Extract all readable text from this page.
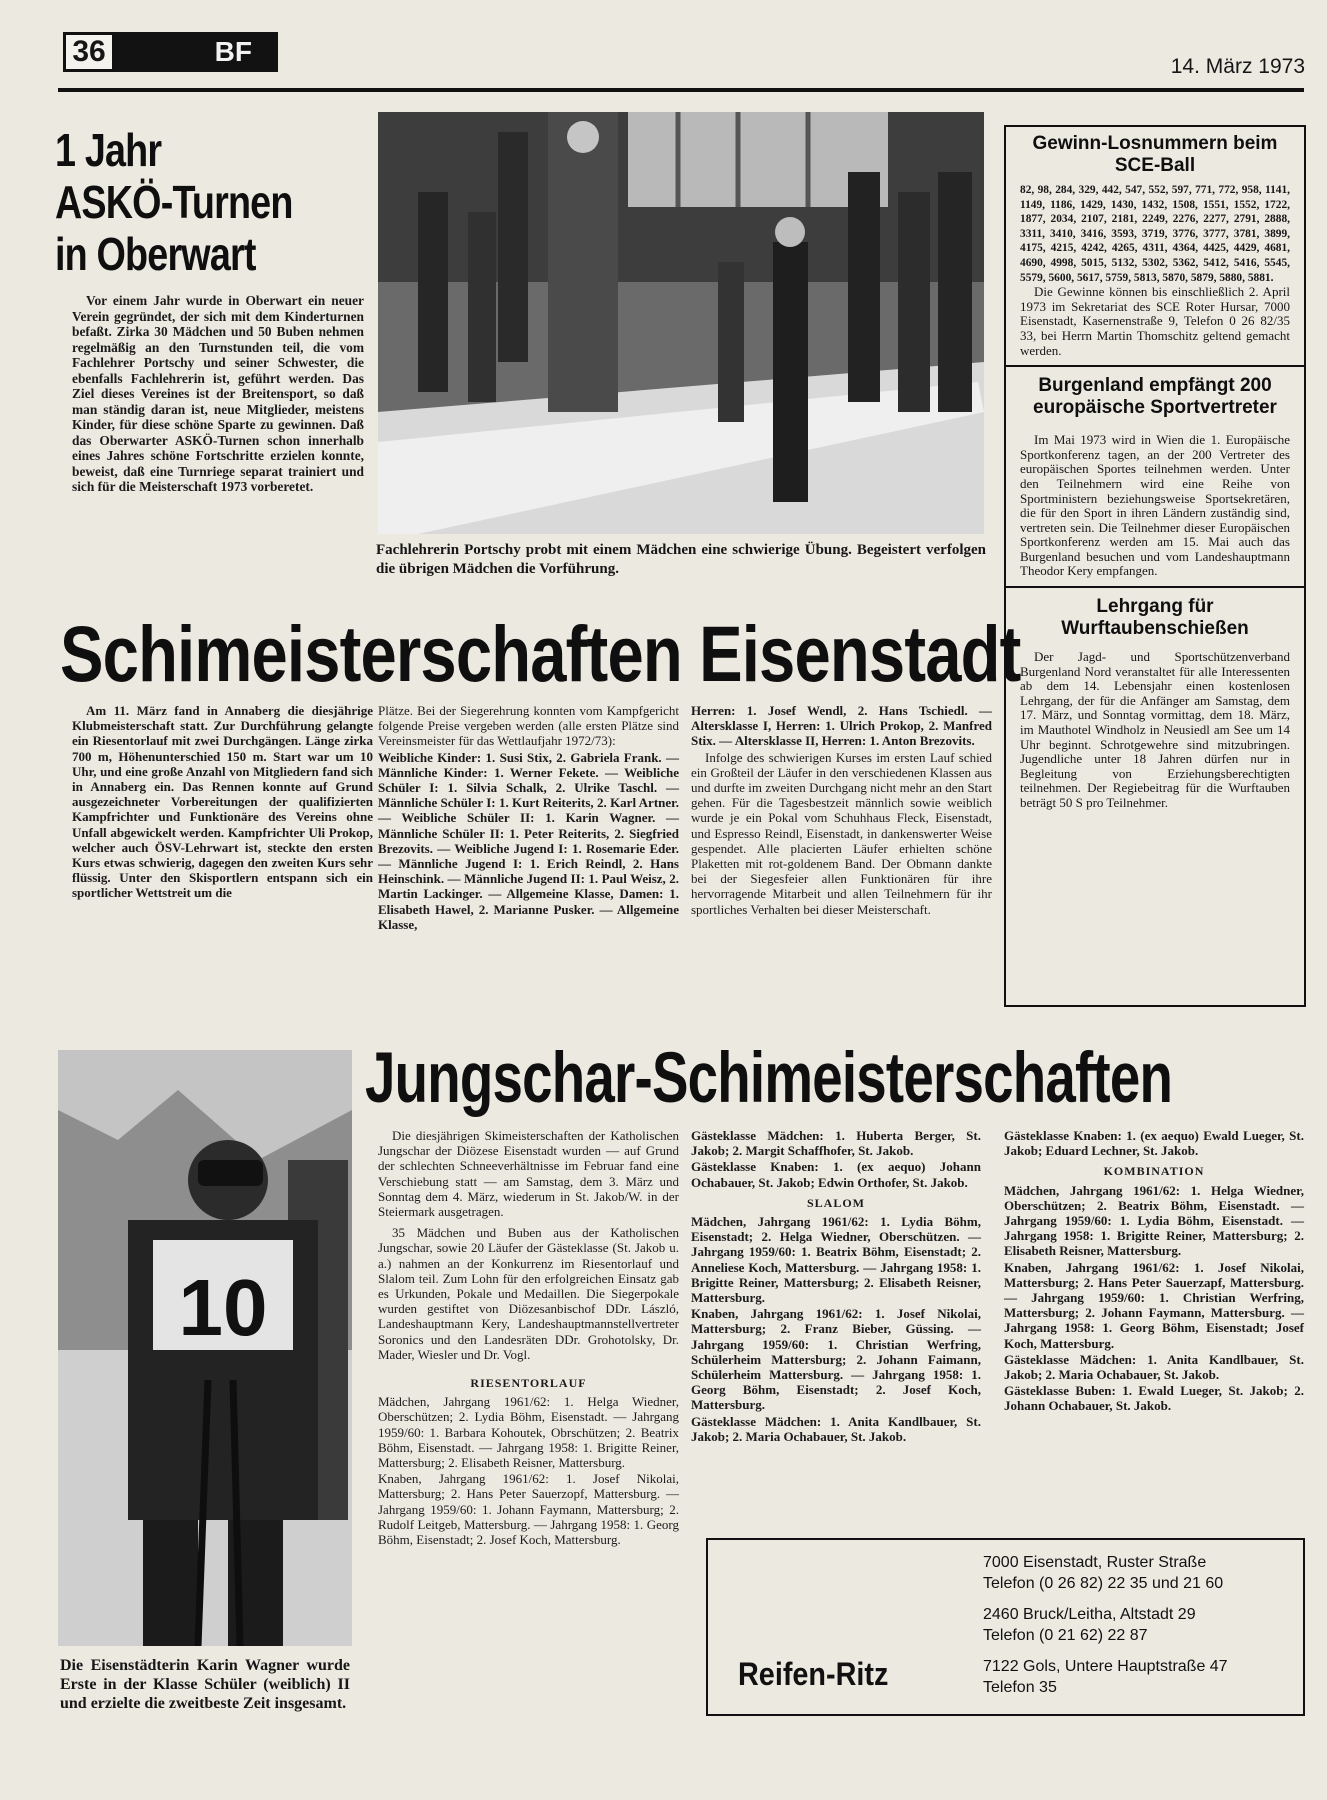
36	BF	14. März 1973
1 Jahr
ASKÖ-Turnen
in Oberwart

Vor einem Jahr wurde in Oberwart ein neuer Verein gegründet, der sich mit dem Kinderturnen befaßt. Zirka 30 Mädchen und 50 Buben nehmen regelmäßig an den Turnstunden teil, die vom Fachlehrer Portschy und seiner Schwester, die ebenfalls Fachlehrerin ist, geführt werden. Das Ziel dieses Vereines ist der Breitensport, so daß man ständig daran ist, neue Mitglieder, meistens Kinder, für diese schöne Sparte zu gewinnen. Daß das Oberwarter ASKÖ-Turnen schon innerhalb eines Jahres schöne Fortschritte erzielen konnte, beweist, daß eine Turnriege separat trainiert und sich für die Meisterschaft 1973 vorberetet.

Fachlehrerin Portschy probt mit einem Mädchen eine schwierige Übung. Begeistert verfolgen die übrigen Mädchen die Vorführung.
Gewinn-Losnummern beim SCE-Ball
82, 98, 284, 329, 442, 547, 552, 597, 771, 772, 958, 1141, 1149, 1186, 1429, 1430, 1432, 1508, 1551, 1552, 1722, 1877, 2034, 2107, 2181, 2249, 2276, 2277, 2791, 2888, 3311, 3410, 3416, 3593, 3719, 3776, 3777, 3781, 3899, 4175, 4215, 4242, 4265, 4311, 4364, 4425, 4429, 4681, 4690, 4998, 5015, 5132, 5302, 5362, 5412, 5416, 5545, 5579, 5600, 5617, 5759, 5813, 5870, 5879, 5880, 5881.

Die Gewinne können bis einschließlich 2. April 1973 im Sekretariat des SCE Roter Hursar, 7000 Eisenstadt, Kasernenstraße 9, Telefon 0 26 82/35 33, bei Herrn Martin Thomschitz geltend gemacht werden.

Burgenland empfängt 200 europäische Sportvertreter

Im Mai 1973 wird in Wien die 1. Europäische Sportkonferenz tagen, an der 200 Vertreter des europäischen Sportes teilnehmen werden. Unter den Teilnehmern wird eine Reihe von Sportministern beziehungsweise Sportsekretären, die für den Sport in ihren Ländern zuständig sind, vertreten sein. Die Teilnehmer dieser Europäischen Sportkonferenz werden am 15. Mai auch das Burgenland besuchen und vom Landeshauptmann Theodor Kery empfangen.

Lehrgang für Wurftaubenschießen

Der Jagd- und Sportschützenverband Burgenland Nord veranstaltet für alle Interessenten ab dem 14. Lebensjahr einen kostenlosen Lehrgang, der für die Anfänger am Samstag, dem 17. März, und Sonntag vormittag, dem 18. März, im Mauthotel Windholz in Neusiedl am See um 14 Uhr beginnt. Schrotgewehre sind mitzubringen. Jugendliche unter 18 Jahren dürfen nur in Begleitung von Erziehungsberechtigten teilnehmen. Der Regiebeitrag für die Wurftauben beträgt 50 S pro Teilnehmer.

Schimeisterschaften Eisenstadt

Am 11. März fand in Annaberg die diesjährige Klubmeisterschaft statt. Zur Durchführung gelangte ein Riesentorlauf mit zwei Durchgängen. Länge zirka 700 m, Höhenunterschied 150 m. Start war um 10 Uhr, und eine große Anzahl von Mitgliedern fand sich in Annaberg ein. Das Rennen konnte auf Grund ausgezeichneter Vorbereitungen der qualifizierten Kampfrichter und Funktionäre des Vereins ohne Unfall abgewickelt werden. Kampfrichter Uli Prokop, welcher auch ÖSV-Lehrwart ist, steckte den ersten Kurs etwas schwierig, dagegen den zweiten Kurs sehr flüssig. Unter den Skisportlern entspann sich ein sportlicher Wettstreit um die

Plätze. Bei der Siegerehrung konnten vom Kampfgericht folgende Preise vergeben werden (alle ersten Plätze sind Vereinsmeister für das Wettlaufjahr 1972/73):

Weibliche Kinder: 1. Susi Stix, 2. Gabriela Frank. — Männliche Kinder: 1. Werner Fekete. — Weibliche Schüler I: 1. Silvia Schalk, 2. Ulrike Taschl. — Männliche Schüler I: 1. Kurt Reiterits, 2. Karl Artner. — Weibliche Schüler II: 1. Karin Wagner. — Männliche Schüler II: 1. Peter Reiterits, 2. Siegfried Brezovits. — Weibliche Jugend I: 1. Rosemarie Eder. — Männliche Jugend I: 1. Erich Reindl, 2. Hans Heinschink. — Männliche Jugend II: 1. Paul Weisz, 2. Martin Lackinger. — Allgemeine Klasse, Damen: 1. Elisabeth Hawel, 2. Marianne Pusker. — Allgemeine Klasse,

Herren: 1. Josef Wendl, 2. Hans Tschiedl. — Altersklasse I, Herren: 1. Ulrich Prokop, 2. Manfred Stix. — Altersklasse II, Herren: 1. Anton Brezovits.

Infolge des schwierigen Kurses im ersten Lauf schied ein Großteil der Läufer in den verschiedenen Klassen aus und durfte im zweiten Durchgang nicht mehr an den Start gehen. Für die Tagesbestzeit männlich sowie weiblich wurde je ein Pokal vom Schuhhaus Fleck, Eisenstadt, und Espresso Reindl, Eisenstadt, in dankenswerter Weise gespendet. Alle placierten Läufer erhielten schöne Plaketten mit rot-goldenem Band. Der Obmann dankte bei der Siegesfeier allen Funktionären für ihre hervorragende Mitarbeit und allen Teilnehmern für ihr sportliches Verhalten bei dieser Meisterschaft.

Jungschar-Schimeisterschaften
10
Die Eisenstädterin Karin Wagner wurde Erste in der Klasse Schüler (weiblich) II und erzielte die zweitbeste Zeit insgesamt.

Die diesjährigen Skimeisterschaften der Katholischen Jungschar der Diözese Eisenstadt wurden — auf Grund der schlechten Schneeverhältnisse im Februar fand eine Verschiebung statt — am Samstag, dem 3. März und Sonntag dem 4. März, wiederum in St. Jakob/W. in der Steiermark ausgetragen.

35 Mädchen und Buben aus der Katholischen Jungschar, sowie 20 Läufer der Gästeklasse (St. Jakob u. a.) nahmen an der Konkurrenz im Riesentorlauf und Slalom teil. Zum Lohn für den erfolgreichen Einsatz gab es Urkunden, Pokale und Medaillen. Die Siegerpokale wurden gestiftet von Diözesanbischof DDr. László, Landeshauptmann Kery, Landeshauptmannstellvertreter Soronics und den Landesräten DDr. Grohotolsky, Dr. Mader, Wiesler und Dr. Vogl.

RIESENTORLAUF

Mädchen, Jahrgang 1961/62: 1. Helga Wiedner, Oberschützen; 2. Lydia Böhm, Eisenstadt. — Jahrgang 1959/60: 1. Barbara Kohoutek, Obrschützen; 2. Beatrix Böhm, Eisenstadt. — Jahrgang 1958: 1. Brigitte Reiner, Mattersburg; 2. Elisabeth Reisner, Mattersburg.

Knaben, Jahrgang 1961/62: 1. Josef Nikolai, Mattersburg; 2. Hans Peter Sauerzopf, Mattersburg. — Jahrgang 1959/60: 1. Johann Faymann, Mattersburg; 2. Rudolf Leitgeb, Mattersburg. — Jahrgang 1958: 1. Georg Böhm, Eisenstadt; 2. Josef Koch, Mattersburg.

Gästeklasse Mädchen: 1. Huberta Berger, St. Jakob; 2. Margit Schaffhofer, St. Jakob.

Gästeklasse Knaben: 1. (ex aequo) Johann Ochabauer, St. Jakob; Edwin Orthofer, St. Jakob.

SLALOM

Mädchen, Jahrgang 1961/62: 1. Lydia Böhm, Eisenstadt; 2. Helga Wiedner, Oberschützen. — Jahrgang 1959/60: 1. Beatrix Böhm, Eisenstadt; 2. Anneliese Koch, Mattersburg. — Jahrgang 1958: 1. Brigitte Reiner, Mattersburg; 2. Elisabeth Reisner, Mattersburg.

Knaben, Jahrgang 1961/62: 1. Josef Nikolai, Mattersburg; 2. Franz Bieber, Güssing. — Jahrgang 1959/60: 1. Christian Werfring, Schülerheim Mattersburg; 2. Johann Faimann, Schülerheim Mattersburg. — Jahrgang 1958: 1. Georg Böhm, Eisenstadt; 2. Josef Koch, Mattersburg.

Gästeklasse Mädchen: 1. Anita Kandlbauer, St. Jakob; 2. Maria Ochabauer, St. Jakob.

Gästeklasse Knaben: 1. (ex aequo) Ewald Lueger, St. Jakob; Eduard Lechner, St. Jakob.

KOMBINATION

Mädchen, Jahrgang 1961/62: 1. Helga Wiedner, Oberschützen; 2. Beatrix Böhm, Eisenstadt. — Jahrgang 1959/60: 1. Lydia Böhm, Eisenstadt. — Jahrgang 1958: 1. Brigitte Reiner, Mattersburg; 2. Elisabeth Reisner, Mattersburg.

Knaben, Jahrgang 1961/62: 1. Josef Nikolai, Mattersburg; 2. Hans Peter Sauerzapf, Mattersburg. — Jahrgang 1959/60: 1. Christian Werfring, Mattersburg; 2. Johann Faymann, Mattersburg. — Jahrgang 1958: 1. Georg Böhm, Eisenstadt; Josef Koch, Mattersburg.

Gästeklasse Mädchen: 1. Anita Kandlbauer, St. Jakob; 2. Maria Ochabauer, St. Jakob.

Gästeklasse Buben: 1. Ewald Lueger, St. Jakob; 2. Johann Ochabauer, St. Jakob.

Reifen-Ritz
7000 Eisenstadt, Ruster Straße
Telefon (0 26 82) 22 35 und 21 60
2460 Bruck/Leitha, Altstadt 29
Telefon (0 21 62) 22 87
7122 Gols, Untere Hauptstraße 47
Telefon 35
